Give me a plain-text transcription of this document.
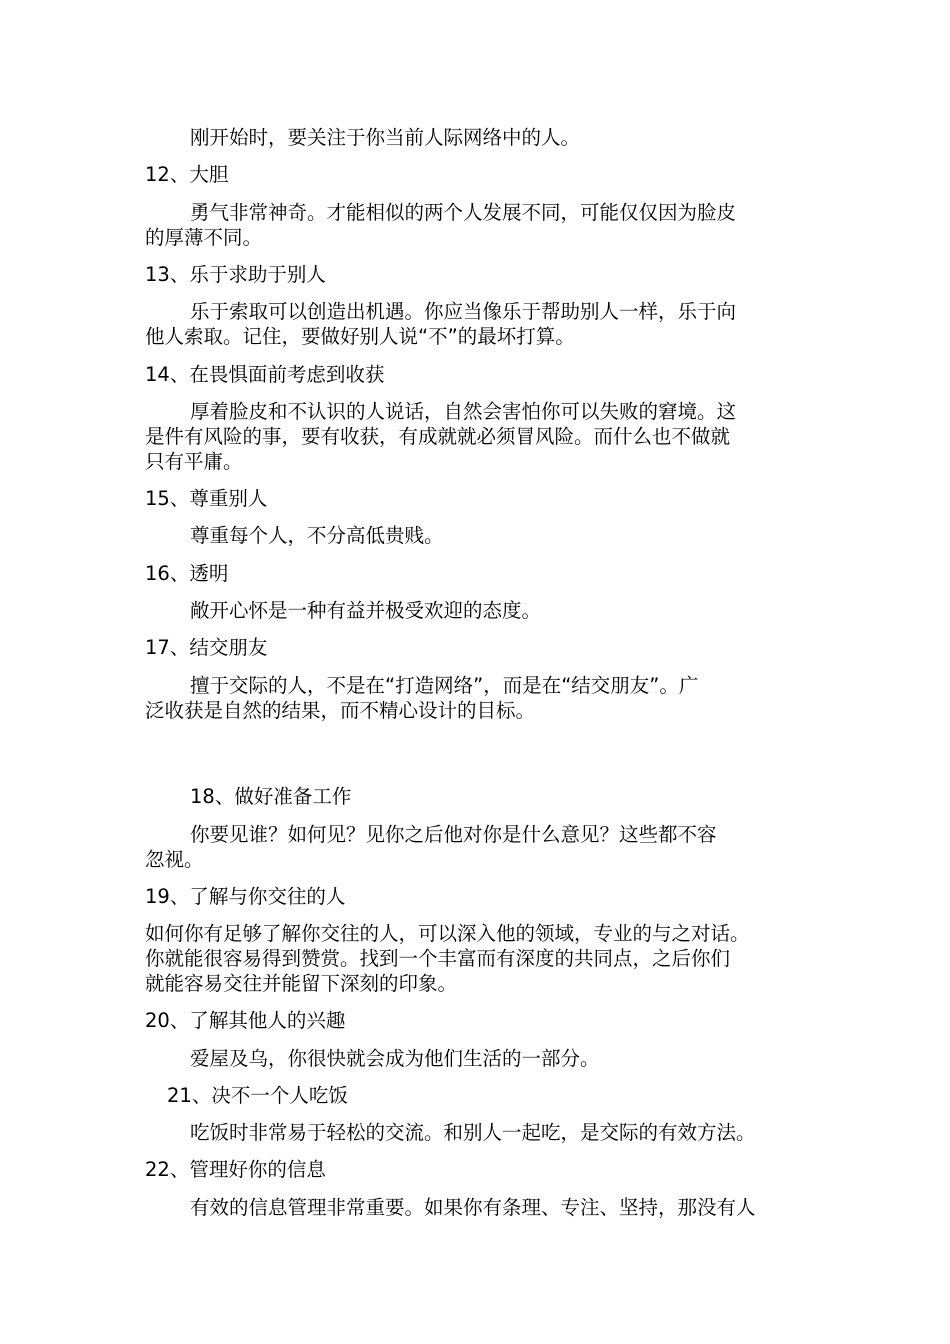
刚开始时，要关注于你当前人际网络中的人。
12、大胆
勇气非常神奇。才能相似的两个人发展不同，可能仅仅因为脸皮
的厚薄不同。
13、乐于求助于别人
乐于索取可以创造出机遇。你应当像乐于帮助别人一样，乐于向
他人索取。记住，要做好别人说“不”的最坏打算。
14、在畏惧面前考虑到收获
厚着脸皮和不认识的人说话，自然会害怕你可以失败的窘境。这
是件有风险的事，要有收获，有成就就必须冒风险。而什么也不做就
只有平庸。
15、尊重别人
尊重每个人，不分高低贵贱。
16、透明
敞开心怀是一种有益并极受欢迎的态度。
17、结交朋友
擅于交际的人，不是在“打造网络”，而是在“结交朋友”。广
泛收获是自然的结果，而不精心设计的目标。
18、做好准备工作
你要见谁？如何见？见你之后他对你是什么意见？这些都不容
忽视。
19、了解与你交往的人
如何你有足够了解你交往的人，可以深入他的领域，专业的与之对话。
你就能很容易得到赞赏。找到一个丰富而有深度的共同点，之后你们
就能容易交往并能留下深刻的印象。
20、了解其他人的兴趣
爱屋及乌，你很快就会成为他们生活的一部分。
21、决不一个人吃饭
吃饭时非常易于轻松的交流。和别人一起吃，是交际的有效方法。
22、管理好你的信息
有效的信息管理非常重要。如果你有条理、专注、坚持，那没有人
